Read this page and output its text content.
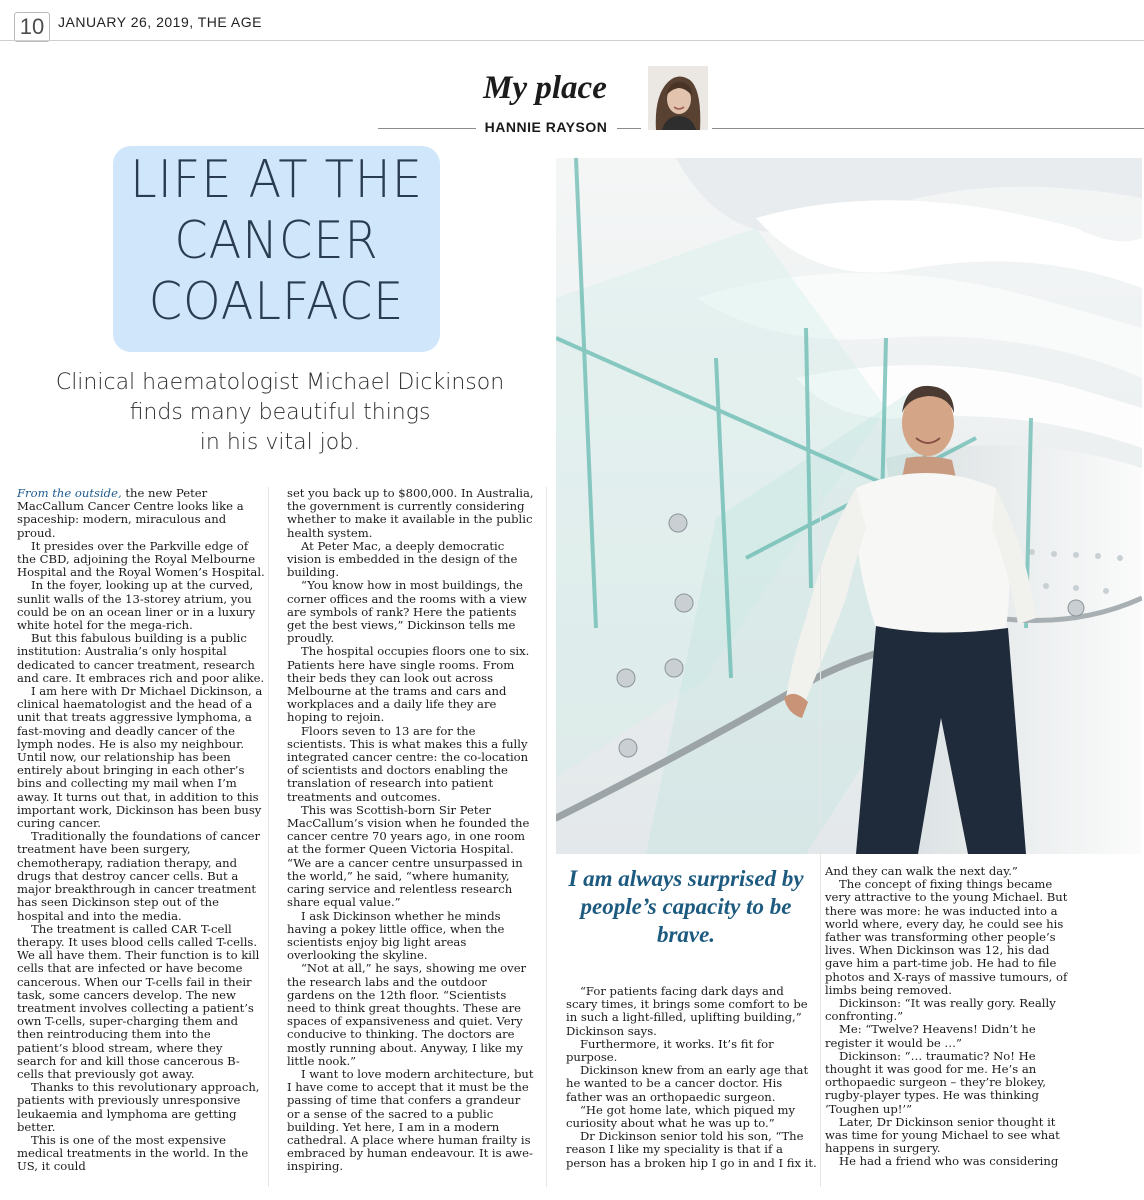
10 JANUARY 26, 2019, THE AGE
My place
HANNIE RAYSON
LIFE AT THE
CANCER
COALFACE
Clinical haematologist Michael Dickinson
finds many beautiful things
in his vital job.

From the outside, the new Peter MacCallum Cancer Centre looks like a spaceship: modern, miraculous and proud.

It presides over the Parkville edge of the CBD, adjoining the Royal Melbourne Hospital and the Royal Women’s Hospital.

In the foyer, looking up at the curved, sunlit walls of the 13-storey atrium, you could be on an ocean liner or in a luxury white hotel for the mega-rich.

But this fabulous building is a public institution: Australia’s only hospital dedicated to cancer treatment, research and care. It embraces rich and poor alike.

I am here with Dr Michael Dickinson, a clinical haematologist and the head of a unit that treats aggressive lymphoma, a fast-moving and deadly cancer of the lymph nodes. He is also my neighbour. Until now, our relationship has been entirely about bringing in each other’s bins and collecting my mail when I’m away. It turns out that, in addition to this important work, Dickinson has been busy curing cancer.

Traditionally the foundations of cancer treatment have been surgery, chemotherapy, radiation therapy, and drugs that destroy cancer cells. But a major breakthrough in cancer treatment has seen Dickinson step out of the hospital and into the media.

The treatment is called CAR T-cell therapy. It uses blood cells called T-cells. We all have them. Their function is to kill cells that are infected or have become cancerous. When our T-cells fail in their task, some cancers develop. The new treatment involves collecting a patient’s own T-cells, super-charging them and then reintroducing them into the patient’s blood stream, where they search for and kill those cancerous B-cells that previously got away.

Thanks to this revolutionary approach, patients with previously unresponsive leukaemia and lymphoma are getting better.

This is one of the most expensive medical treatments in the world. In the US, it could

set you back up to $800,000. In Australia, the government is currently considering whether to make it available in the public health system.

At Peter Mac, a deeply democratic vision is embedded in the design of the building.

“You know how in most buildings, the corner offices and the rooms with a view are symbols of rank? Here the patients get the best views,” Dickinson tells me proudly.

The hospital occupies floors one to six. Patients here have single rooms. From their beds they can look out across Melbourne at the trams and cars and workplaces and a daily life they are hoping to rejoin.

Floors seven to 13 are for the scientists. This is what makes this a fully integrated cancer centre: the co-location of scientists and doctors enabling the translation of research into patient treatments and outcomes.

This was Scottish-born Sir Peter MacCallum’s vision when he founded the cancer centre 70 years ago, in one room at the former Queen Victoria Hospital. “We are a cancer centre unsurpassed in the world,” he said, “where humanity, caring service and relentless research share equal value.”

I ask Dickinson whether he minds having a pokey little office, when the scientists enjoy big light areas overlooking the skyline.

“Not at all,” he says, showing me over the research labs and the outdoor gardens on the 12th floor. “Scientists need to think great thoughts. These are spaces of expansiveness and quiet. Very conducive to thinking. The doctors are mostly running about. Anyway, I like my little nook.”

I want to love modern architecture, but I have come to accept that it must be the passing of time that confers a grandeur or a sense of the sacred to a public building. Yet here, I am in a modern cathedral. A place where human frailty is embraced by human endeavour. It is awe-inspiring.

“For patients facing dark days and scary times, it brings some comfort to be in such a light-filled, uplifting building,” Dickinson says.

Furthermore, it works. It’s fit for purpose.

Dickinson knew from an early age that he wanted to be a cancer doctor. His father was an orthopaedic surgeon.

“He got home late, which piqued my curiosity about what he was up to.”

Dr Dickinson senior told his son, “The reason I like my speciality is that if a person has a broken hip I go in and I fix it.

And they can walk the next day.”

The concept of fixing things became very attractive to the young Michael. But there was more: he was inducted into a world where, every day, he could see his father was transforming other people’s lives. When Dickinson was 12, his dad gave him a part-time job. He had to file photos and X-rays of massive tumours, of limbs being removed.

Dickinson: “It was really gory. Really confronting.”

Me: “Twelve? Heavens! Didn’t he register it would be …”

Dickinson: “… traumatic? No! He thought it was good for me. He’s an orthopaedic surgeon – they’re blokey, rugby-player types. He was thinking ‘Toughen up!’”

Later, Dr Dickinson senior thought it was time for young Michael to see what happens in surgery.

He had a friend who was considering

I am always surprised by people’s capacity to be brave.
